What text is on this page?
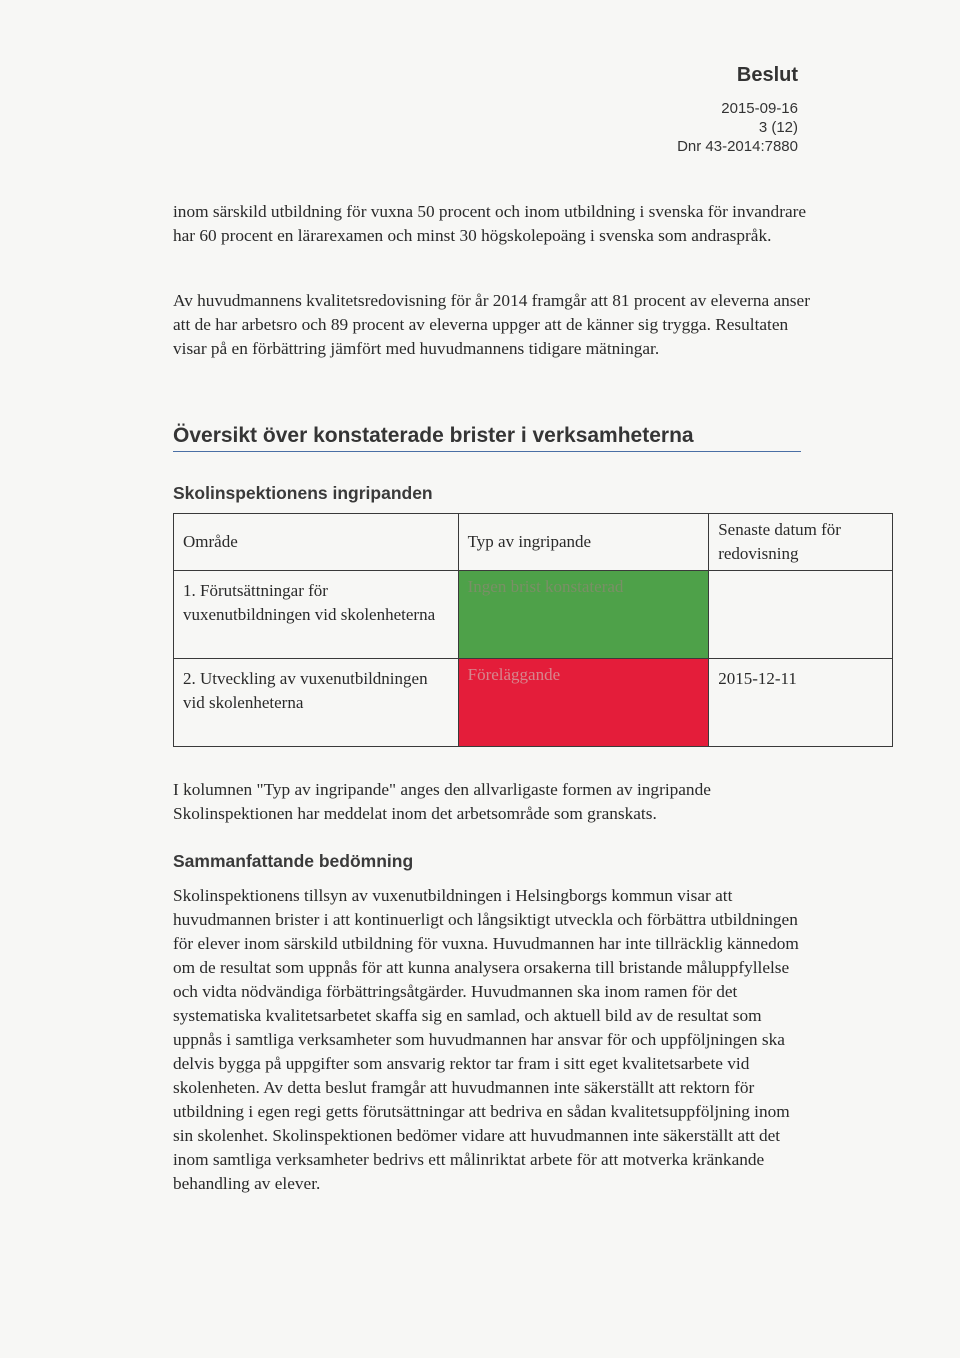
Beslut
2015-09-16
3 (12)
Dnr 43-2014:7880

inom särskild utbildning för vuxna 50 procent och inom utbildning i svenska för invandrare har 60 procent en lärarexamen och minst 30 högskolepoäng i svenska som andraspråk.

Av huvudmannens kvalitetsredovisning för år 2014 framgår att 81 procent av eleverna anser att de har arbetsro och 89 procent av eleverna uppger att de känner sig trygga. Resultaten visar på en förbättring jämfört med huvudmannens tidigare mätningar.

Översikt över konstaterade brister i verksamheterna
Skolinspektionens ingripanden
Område	Typ av ingripande	Senaste datum för redovisning
1. Förutsättningar för vuxenutbildningen vid skolenheterna	Ingen brist konstaterad	

2. Utveckling av vuxenutbildningen vid skolenheterna	Föreläggande	2015-12-11

I kolumnen "Typ av ingripande" anges den allvarligaste formen av ingripande Skolinspektionen har meddelat inom det arbetsområde som granskats.

Sammanfattande bedömning

Skolinspektionens tillsyn av vuxenutbildningen i Helsingborgs kommun visar att huvudmannen brister i att kontinuerligt och långsiktigt utveckla och förbättra utbildningen för elever inom särskild utbildning för vuxna. Huvudmannen har inte tillräcklig kännedom om de resultat som uppnås för att kunna analysera orsakerna till bristande måluppfyllelse och vidta nödvändiga förbättringsåtgärder. Huvudmannen ska inom ramen för det systematiska kvalitetsarbetet skaffa sig en samlad, och aktuell bild av de resultat som uppnås i samtliga verksamheter som huvudmannen har ansvar för och uppföljningen ska delvis bygga på uppgifter som ansvarig rektor tar fram i sitt eget kvalitetsarbete vid skolenheten. Av detta beslut framgår att huvudmannen inte säkerställt att rektorn för utbildning i egen regi getts förutsättningar att bedriva en sådan kvalitetsuppföljning inom sin skolenhet. Skolinspektionen bedömer vidare att huvudmannen inte säkerställt att det inom samtliga verksamheter bedrivs ett målinriktat arbete för att motverka kränkande behandling av elever.
